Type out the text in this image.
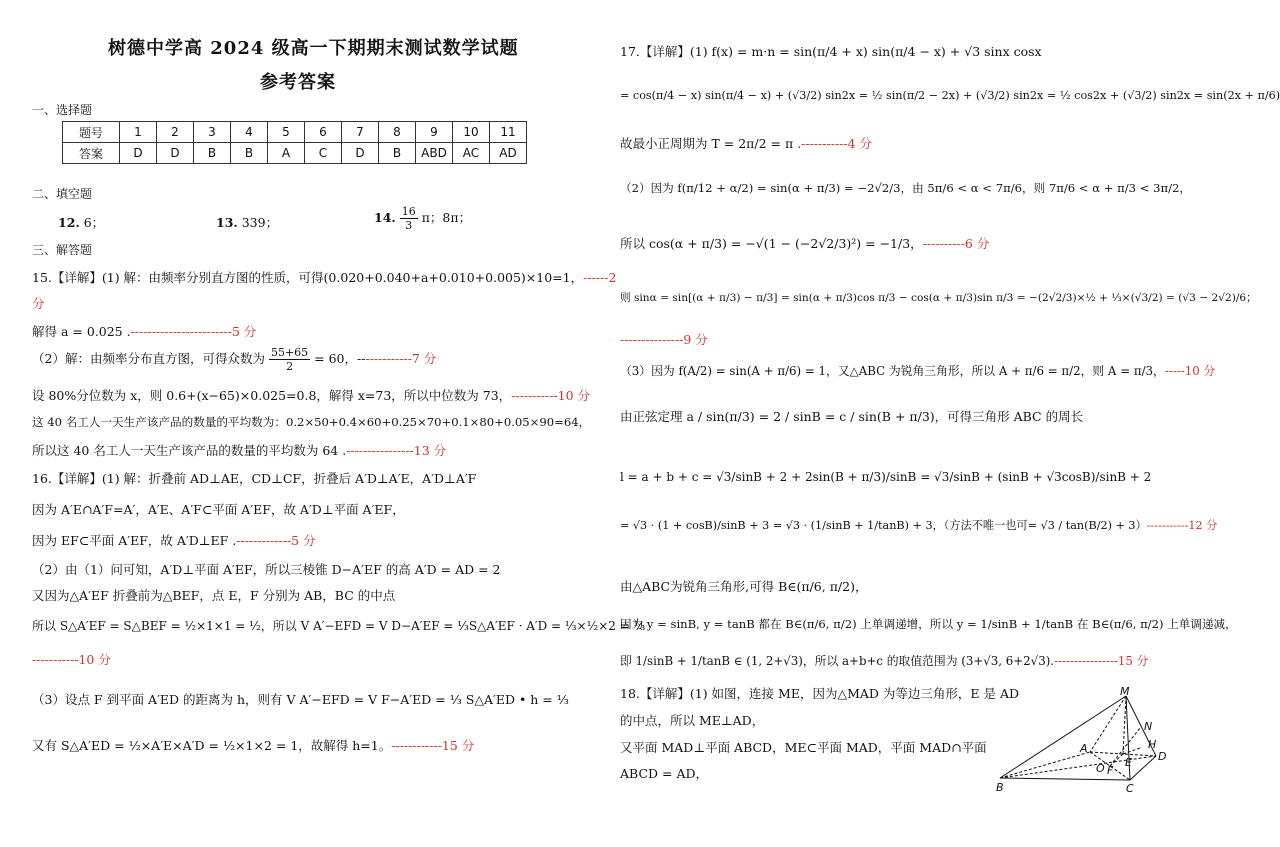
树德中学高 2024 级高一下期期末测试数学试题
参考答案
一、选择题
题号	1	2	3	4	5	6	7	8	9	10	11
答案	D	D	B	B	A	C	D	B	ABD	AC	AD
二、填空题
12. 6；	13. 339；	14. $\frac{16}{3}$ π；8π；
三、解答题
15.【详解】(1) 解：由频率分别直方图的性质，可得(0.020+0.040+a+0.010+0.005)×10=1，------2
分
解得 a = 0.025 .------------------------5 分
（2）解：由频率分布直方图，可得众数为 $\frac{55+65}{2} = 60$，-------------7 分
设 80%分位数为 x，则 0.6+(x−65)×0.025=0.8，解得 x=73，所以中位数为 73，-----------10 分
这 40 名工人一天生产该产品的数量的平均数为：0.2×50+0.4×60+0.25×70+0.1×80+0.05×90=64，
所以这 40 名工人一天生产该产品的数量的平均数为 64 .----------------13 分
16.【详解】(1) 解：折叠前 AD⊥AE，CD⊥CF，折叠后 A′D⊥A′E，A′D⊥A′F
因为 A′E∩A′F=A′，A′E、A′F⊂平面 A′EF，故 A′D⊥平面 A′EF，
因为 EF⊂平面 A′EF，故 A′D⊥EF .-------------5 分
（2）由（1）问可知，A′D⊥平面 A′EF，所以三棱锥 D−A′EF 的高 A′D = AD = 2
又因为△A′EF 折叠前为△BEF，点 E，F 分别为 AB，BC 的中点
所以 S△A′EF = S△BEF = ½×1×1 = ½，所以 V A′−EFD = V D−A′EF = ⅓S△A′EF · A′D = ⅓×½×2 = ⅓
-----------10 分
（3）设点 F 到平面 A′ED 的距离为 h，则有 V A′−EFD = V F−A′ED = ⅓ S△A′ED • h = ⅓
又有 S△A′ED = ½×A′E×A′D = ½×1×2 = 1，故解得 h=1。------------15 分
17.【详解】(1) f(x) = m·n = sin(π/4 + x) sin(π/4 − x) + √3 sinx cosx
= cos(π/4 − x) sin(π/4 − x) + (√3/2) sin2x = ½ sin(π/2 − 2x) + (√3/2) sin2x = ½ cos2x + (√3/2) sin2x = sin(2x + π/6)
故最小正周期为 T = 2π/2 = π .-----------4 分
（2）因为 f(π/12 + α/2) = sin(α + π/3) = −2√2/3，由 5π/6 < α < 7π/6，则 7π/6 < α + π/3 < 3π/2，
所以 cos(α + π/3) = −√(1 − (−2√2/3)²) = −1/3，----------6 分
则 sinα = sin[(α + π/3) − π/3] = sin(α + π/3)cos π/3 − cos(α + π/3)sin π/3 = −(2√2/3)×½ + ⅓×(√3/2) = (√3 − 2√2)/6；
---------------9 分
（3）因为 f(A/2) = sin(A + π/6) = 1，又△ABC 为锐角三角形，所以 A + π/6 = π/2，则 A = π/3，-----10 分
由正弦定理 a / sin(π/3) = 2 / sinB = c / sin(B + π/3)，可得三角形 ABC 的周长
l = a + b + c = √3/sinB + 2 + 2sin(B + π/3)/sinB = √3/sinB + (sinB + √3cosB)/sinB + 2
= √3 · (1 + cosB)/sinB + 3 = √3 · (1/sinB + 1/tanB) + 3，（方法不唯一也可= √3 / tan(B/2) + 3）-----------12 分
由△ABC为锐角三角形,可得 B∈(π/6, π/2)，
因为 y = sinB, y = tanB 都在 B∈(π/6, π/2) 上单调递增，所以 y = 1/sinB + 1/tanB 在 B∈(π/6, π/2) 上单调递减，
即 1/sinB + 1/tanB ∈ (1, 2+√3)，所以 a+b+c 的取值范围为 (3+√3, 6+2√3).----------------15 分
18.【详解】(1) 如图，连接 ME，因为△MAD 为等边三角形，E 是 AD
的中点，所以 ME⊥AD，
又平面 MAD⊥平面 ABCD，ME⊂平面 MAD，平面 MAD∩平面
ABCD = AD，
M
N
A	H
D
O F
E
B	C
